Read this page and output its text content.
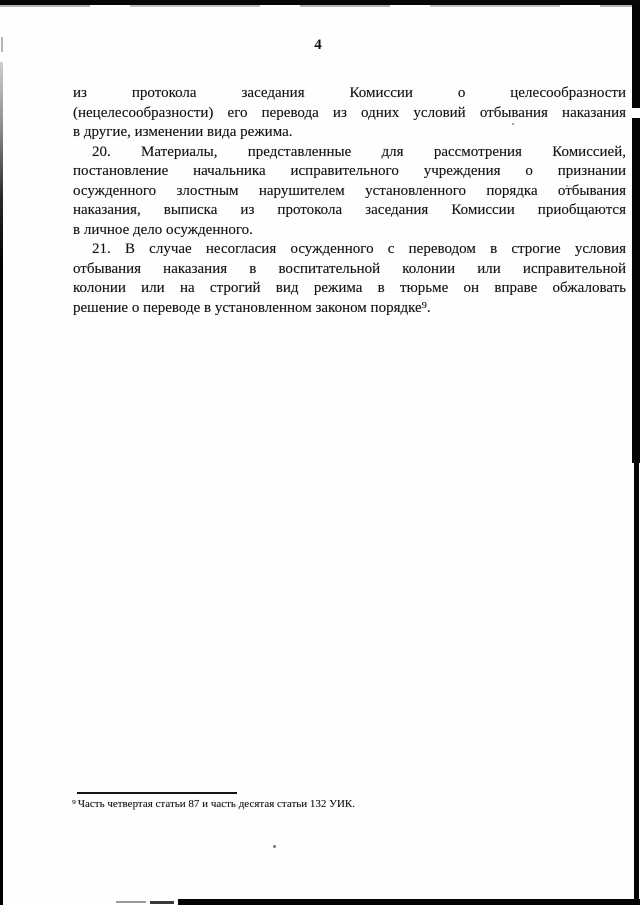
4
из протокола заседания Комиссии о целесообразности
(нецелесообразности) его перевода из одних условий отбывания наказания
в другие, изменении вида режима.
20. Материалы, представленные для рассмотрения Комиссией,
постановление начальника исправительного учреждения о признании
осужденного злостным нарушителем установленного порядка отбывания
наказания, выписка из протокола заседания Комиссии приобщаются
в личное дело осужденного.
21. В случае несогласия осужденного с переводом в строгие условия
отбывания наказания в воспитательной колонии или исправительной
колонии или на строгий вид режима в тюрьме он вправе обжаловать
решение о переводе в установленном законом порядке⁹.
⁹ Часть четвертая статьи 87 и часть десятая статьи 132 УИК.
